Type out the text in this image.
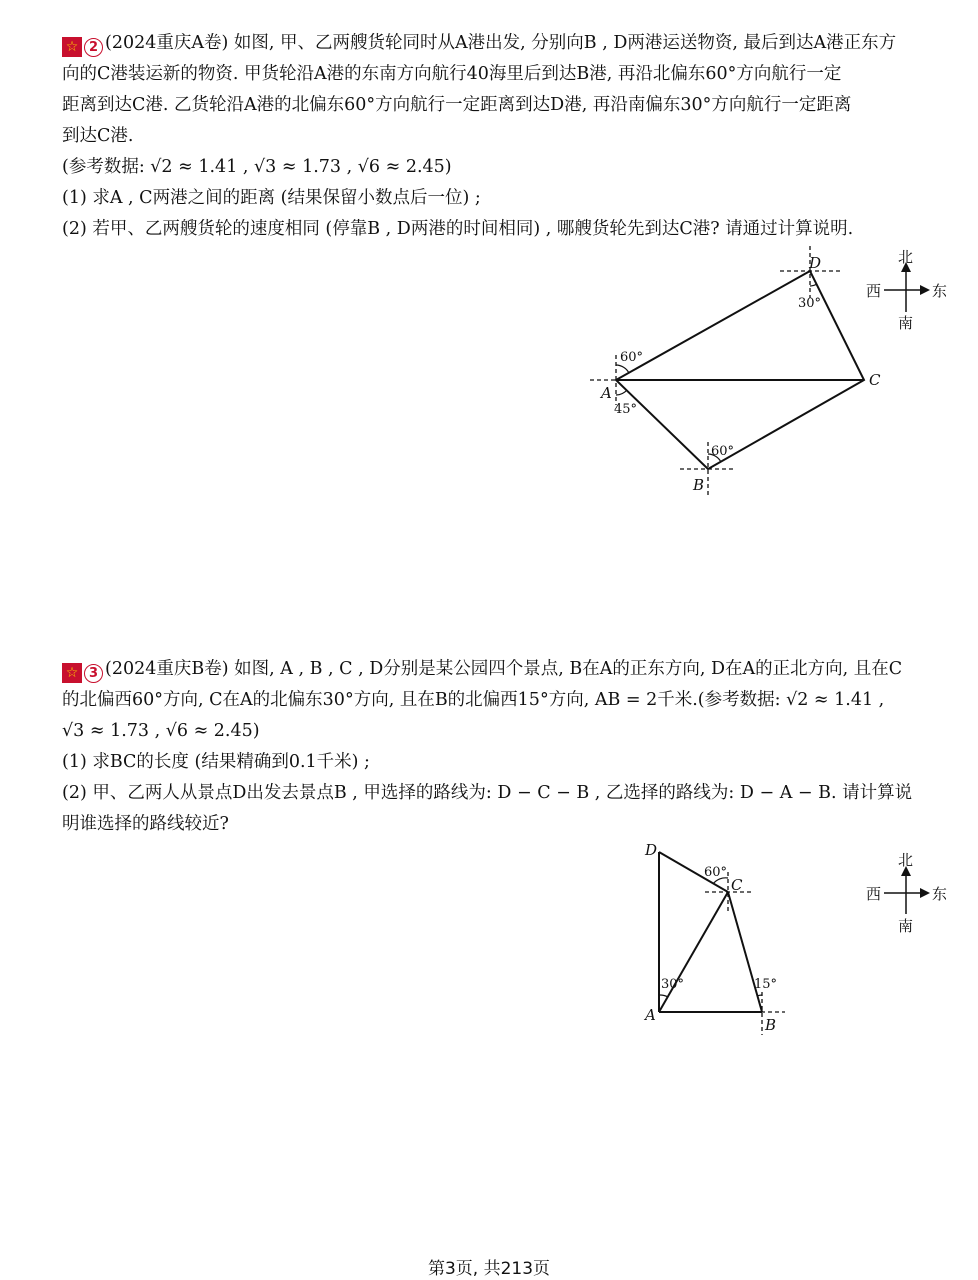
☆ 2 (2024重庆A卷) 如图, 甲、乙两艘货轮同时从A港出发, 分别向B , D两港运送物资, 最后到达A港正东方
向的C港装运新的物资. 甲货轮沿A港的东南方向航行40海里后到达B港, 再沿北偏东60°方向航行一定
距离到达C港. 乙货轮沿A港的北偏东60°方向航行一定距离到达D港, 再沿南偏东30°方向航行一定距离
到达C港.
(参考数据: √2 ≈ 1.41 , √3 ≈ 1.73 , √6 ≈ 2.45)
(1) 求A , C两港之间的距离 (结果保留小数点后一位) ;
(2) 若甲、乙两艘货轮的速度相同 (停靠B , D两港的时间相同) , 哪艘货轮先到达C港? 请通过计算说明.
A
B
C
D
60°
45°
60°
30°
北
南
东
西
☆ 3 (2024重庆B卷) 如图, A , B , C , D分别是某公园四个景点, B在A的正东方向, D在A的正北方向, 且在C
的北偏西60°方向, C在A的北偏东30°方向, 且在B的北偏西15°方向, AB = 2千米.(参考数据: √2 ≈ 1.41 ,
√3 ≈ 1.73 , √6 ≈ 2.45)
(1) 求BC的长度 (结果精确到0.1千米) ;
(2) 甲、乙两人从景点D出发去景点B , 甲选择的路线为: D − C − B , 乙选择的路线为: D − A − B. 请计算说
明谁选择的路线较近?
D
A
B
C
60°
30°	15°
北
南
东
西
第3页, 共213页
